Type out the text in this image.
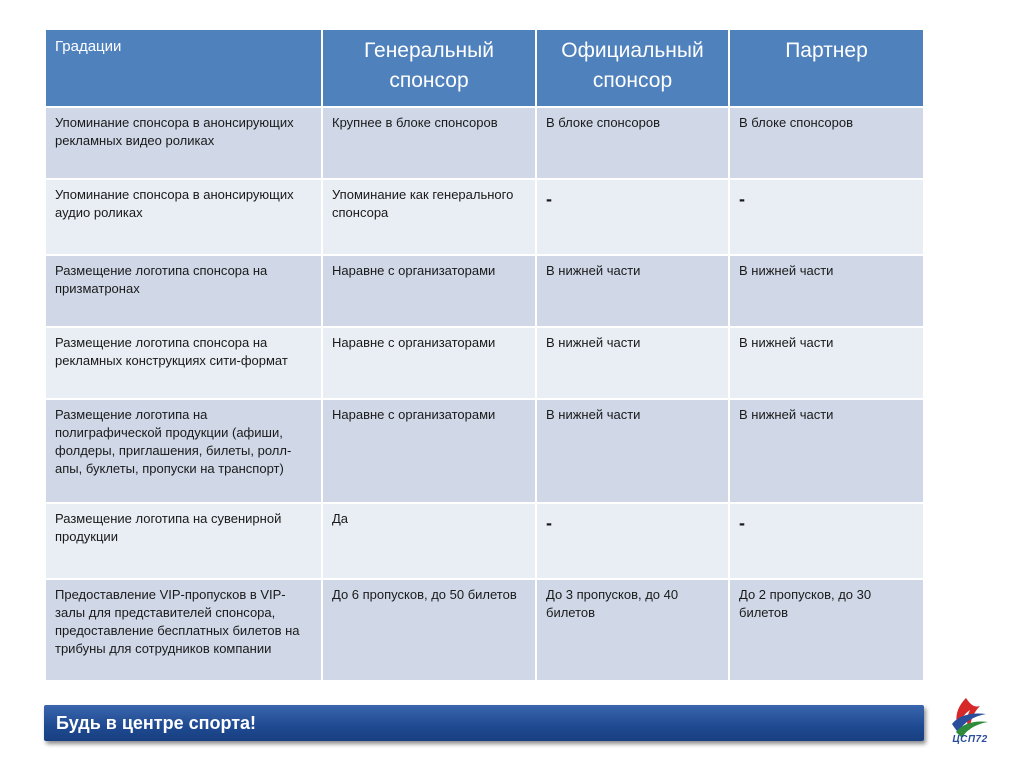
Градации	Генеральный спонсор	Официальный спонсор	Партнер
Упоминание спонсора в анонсирующих рекламных видео роликах	Крупнее в блоке спонсоров	В блоке спонсоров	В блоке спонсоров
Упоминание спонсора в анонсирующих аудио роликах	Упоминание как генерального спонсора	-	-
Размещение логотипа спонсора на призматронах	Наравне с организаторами	В нижней части	В нижней части
Размещение логотипа спонсора на рекламных конструкциях сити-формат	Наравне с организаторами	В нижней части	В нижней части
Размещение логотипа на полиграфической продукции (афиши, фолдеры, приглашения, билеты, ролл-апы, буклеты, пропуски на транспорт)	Наравне с организаторами	В нижней части	В нижней части
Размещение логотипа на сувенирной продукции	Да	-	-
Предоставление VIP-пропусков в VIP-залы для представителей спонсора, предоставление бесплатных билетов на трибуны для сотрудников компании	До 6 пропусков, до 50 билетов	До 3 пропусков, до 40 билетов	До 2 пропусков, до 30 билетов
Будь в центре спорта!
ЦСП72
